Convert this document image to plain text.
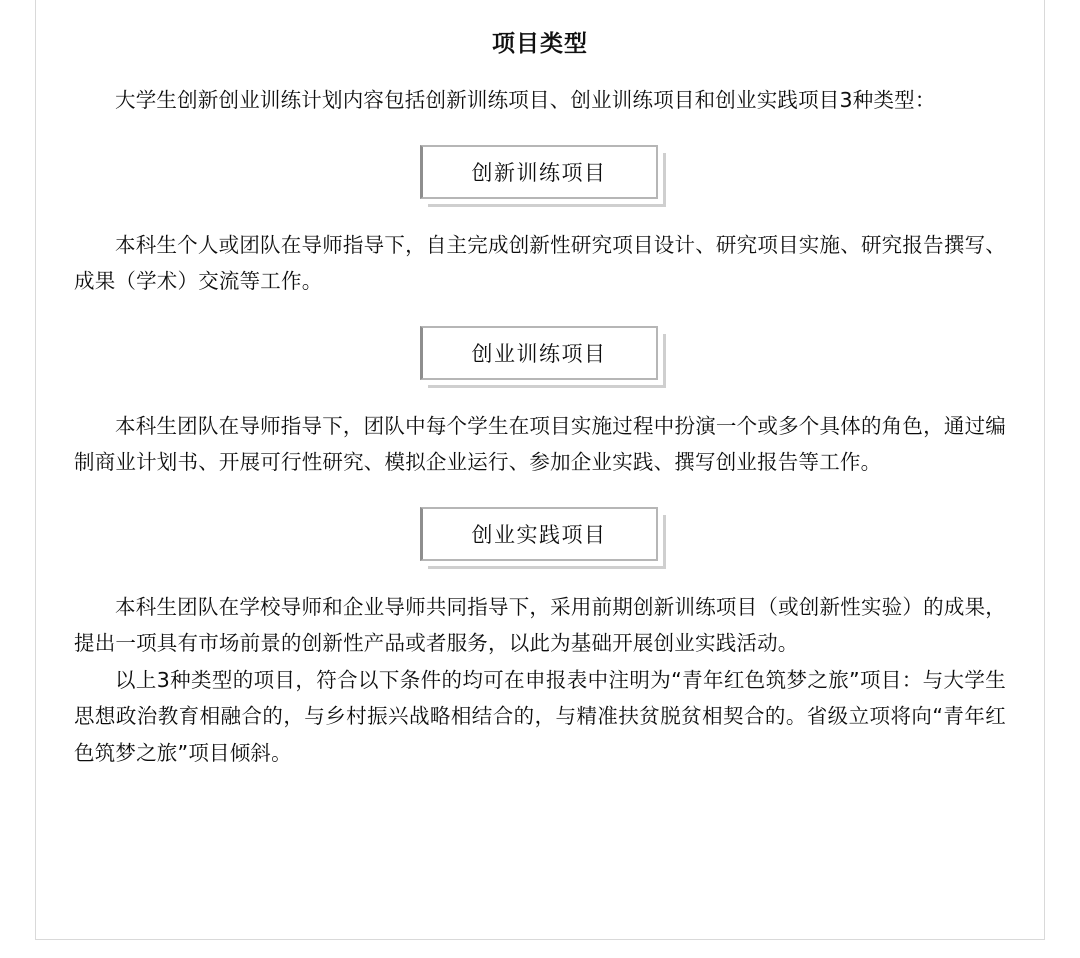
项目类型

大学生创新创业训练计划内容包括创新训练项目、创业训练项目和创业实践项目3种类型：

创新训练项目

本科生个人或团队在导师指导下，自主完成创新性研究项目设计、研究项目实施、研究报告撰写、成果（学术）交流等工作。

创业训练项目

本科生团队在导师指导下，团队中每个学生在项目实施过程中扮演一个或多个具体的角色，通过编制商业计划书、开展可行性研究、模拟企业运行、参加企业实践、撰写创业报告等工作。

创业实践项目

本科生团队在学校导师和企业导师共同指导下，采用前期创新训练项目（或创新性实验）的成果，提出一项具有市场前景的创新性产品或者服务，以此为基础开展创业实践活动。

以上3种类型的项目，符合以下条件的均可在申报表中注明为“青年红色筑梦之旅”项目：与大学生思想政治教育相融合的，与乡村振兴战略相结合的，与精准扶贫脱贫相契合的。省级立项将向“青年红色筑梦之旅”项目倾斜。
